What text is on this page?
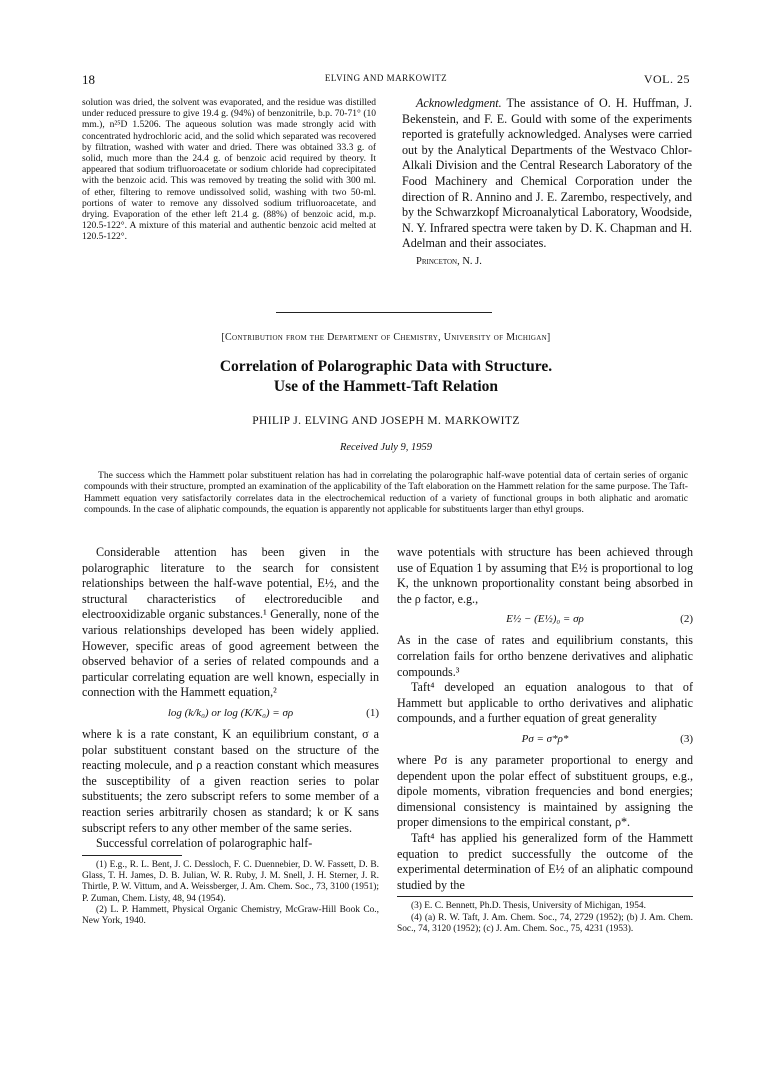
18	ELVING AND MARKOWITZ	VOL. 25

solution was dried, the solvent was evaporated, and the residue was distilled under reduced pressure to give 19.4 g. (94%) of benzonitrile, b.p. 70-71° (10 mm.), n²⁵D 1.5206. The aqueous solution was made strongly acid with concentrated hydrochloric acid, and the solid which separated was recovered by filtration, washed with water and dried. There was obtained 33.3 g. of solid, much more than the 24.4 g. of benzoic acid required by theory. It appeared that sodium trifluoroacetate or sodium chloride had coprecipitated with the benzoic acid. This was removed by treating the solid with 300 ml. of ether, filtering to remove undissolved solid, washing with two 50-ml. portions of water to remove any dissolved sodium trifluoroacetate, and drying. Evaporation of the ether left 21.4 g. (88%) of benzoic acid, m.p. 120.5-122°. A mixture of this material and authentic benzoic acid melted at 120.5-122°.

Acknowledgment. The assistance of O. H. Huffman, J. Bekenstein, and F. E. Gould with some of the experiments reported is gratefully acknowledged. Analyses were carried out by the Analytical Departments of the Westvaco Chlor-Alkali Division and the Central Research Laboratory of the Food Machinery and Chemical Corporation under the direction of R. Annino and J. E. Zarembo, respectively, and by the Schwarzkopf Microanalytical Laboratory, Woodside, N. Y. Infrared spectra were taken by D. K. Chapman and H. Adelman and their associates.

Princeton, N. J.

[Contribution from the Department of Chemistry, University of Michigan]
Correlation of Polarographic Data with Structure.
Use of the Hammett-Taft Relation
PHILIP J. ELVING AND JOSEPH M. MARKOWITZ
Received July 9, 1959
The success which the Hammett polar substituent relation has had in correlating the polarographic half-wave potential data of certain series of organic compounds with their structure, prompted an examination of the applicability of the Taft elaboration on the Hammett relation for the same purpose. The Taft-Hammett equation very satisfactorily correlates data in the electrochemical reduction of a variety of functional groups in both aliphatic and aromatic compounds. In the case of aliphatic compounds, the equation is apparently not applicable for substituents larger than ethyl groups.

Considerable attention has been given in the polarographic literature to the search for consistent relationships between the half-wave potential, E½, and the structural characteristics of electroreducible and electrooxidizable organic substances.¹ Generally, none of the various relationships developed has been widely applied. However, specific areas of good agreement between the observed behavior of a series of related compounds and a particular correlating equation are well known, especially in connection with the Hammett equation,²

log (k/k₀) or log (K/K₀) = σρ	(1)

where k is a rate constant, K an equilibrium constant, σ a polar substituent constant based on the structure of the reacting molecule, and ρ a reaction constant which measures the susceptibility of a given reaction series to polar substituents; the zero subscript refers to some member of a reaction series arbitrarily chosen as standard; k or K sans subscript refers to any other member of the same series.

Successful correlation of polarographic half-

(1) E.g., R. L. Bent, J. C. Dessloch, F. C. Duennebier, D. W. Fassett, D. B. Glass, T. H. James, D. B. Julian, W. R. Ruby, J. M. Snell, J. H. Sterner, J. R. Thirtle, P. W. Vittum, and A. Weissberger, J. Am. Chem. Soc., 73, 3100 (1951); P. Zuman, Chem. Listy, 48, 94 (1954).

(2) L. P. Hammett, Physical Organic Chemistry, McGraw-Hill Book Co., New York, 1940.

wave potentials with structure has been achieved through use of Equation 1 by assuming that E½ is proportional to log K, the unknown proportionality constant being absorbed in the ρ factor, e.g.,

E½ − (E½)₀ = σρ	(2)

As in the case of rates and equilibrium constants, this correlation fails for ortho benzene derivatives and aliphatic compounds.³

Taft⁴ developed an equation analogous to that of Hammett but applicable to ortho derivatives and aliphatic compounds, and a further equation of great generality

Pσ = σ*ρ*	(3)

where Pσ is any parameter proportional to energy and dependent upon the polar effect of substituent groups, e.g., dipole moments, vibration frequencies and bond energies; dimensional consistency is maintained by assigning the proper dimensions to the empirical constant, ρ*.

Taft⁴ has applied his generalized form of the Hammett equation to predict successfully the outcome of the experimental determination of E½ of an aliphatic compound studied by the

(3) E. C. Bennett, Ph.D. Thesis, University of Michigan, 1954.

(4) (a) R. W. Taft, J. Am. Chem. Soc., 74, 2729 (1952); (b) J. Am. Chem. Soc., 74, 3120 (1952); (c) J. Am. Chem. Soc., 75, 4231 (1953).
